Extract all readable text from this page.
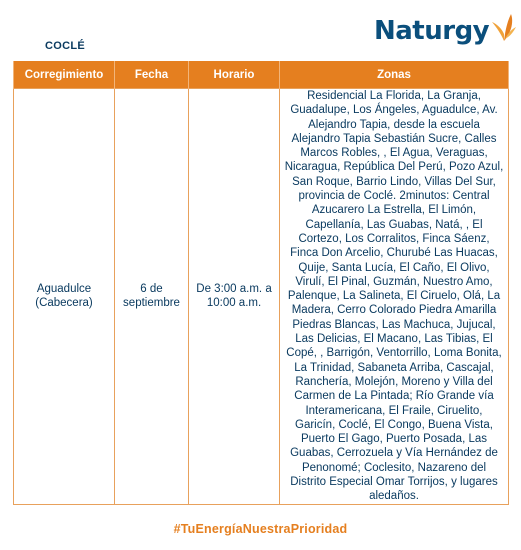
COCLÉ	Naturgy
Corregimiento	Fecha	Horario	Zonas
Aguadulce (Cabecera)	6 de septiembre	De 3:00 a.m. a 10:00 a.m.	Residencial La Florida, La Granja, Guadalupe, Los Ángeles, Aguadulce, Av. Alejandro Tapia, desde la escuela Alejandro Tapia Sebastián Sucre, Calles Marcos Robles, , El Agua, Veraguas, Nicaragua, República Del Perú, Pozo Azul, San Roque, Barrio Lindo, Villas Del Sur, provincia de Coclé. 2minutos: Central Azucarero La Estrella, El Limón, Capellanía, Las Guabas, Natá, , El Cortezo, Los Corralitos, Finca Sáenz, Finca Don Arcelio, Churubé Las Huacas, Quije, Santa Lucía, El Caño, El Olivo, Virulí, El Pinal, Guzmán, Nuestro Amo, Palenque, La Salineta, El Ciruelo, Olá, La Madera, Cerro Colorado Piedra Amarilla Piedras Blancas, Las Machuca, Jujucal, Las Delicias, El Macano, Las Tibias, El Copé, , Barrigón, Ventorrillo, Loma Bonita, La Trinidad, Sabaneta Arriba, Cascajal, Ranchería, Molejón, Moreno y Villa del Carmen de La Pintada; Río Grande vía Interamericana, El Fraile, Ciruelito, Garicín, Coclé, El Congo, Buena Vista, Puerto El Gago, Puerto Posada, Las Guabas, Cerrozuela y Vía Hernández de Penonomé; Coclesito, Nazareno del Distrito Especial Omar Torrijos, y lugares aledaños.
#TuEnergíaNuestraPrioridad
